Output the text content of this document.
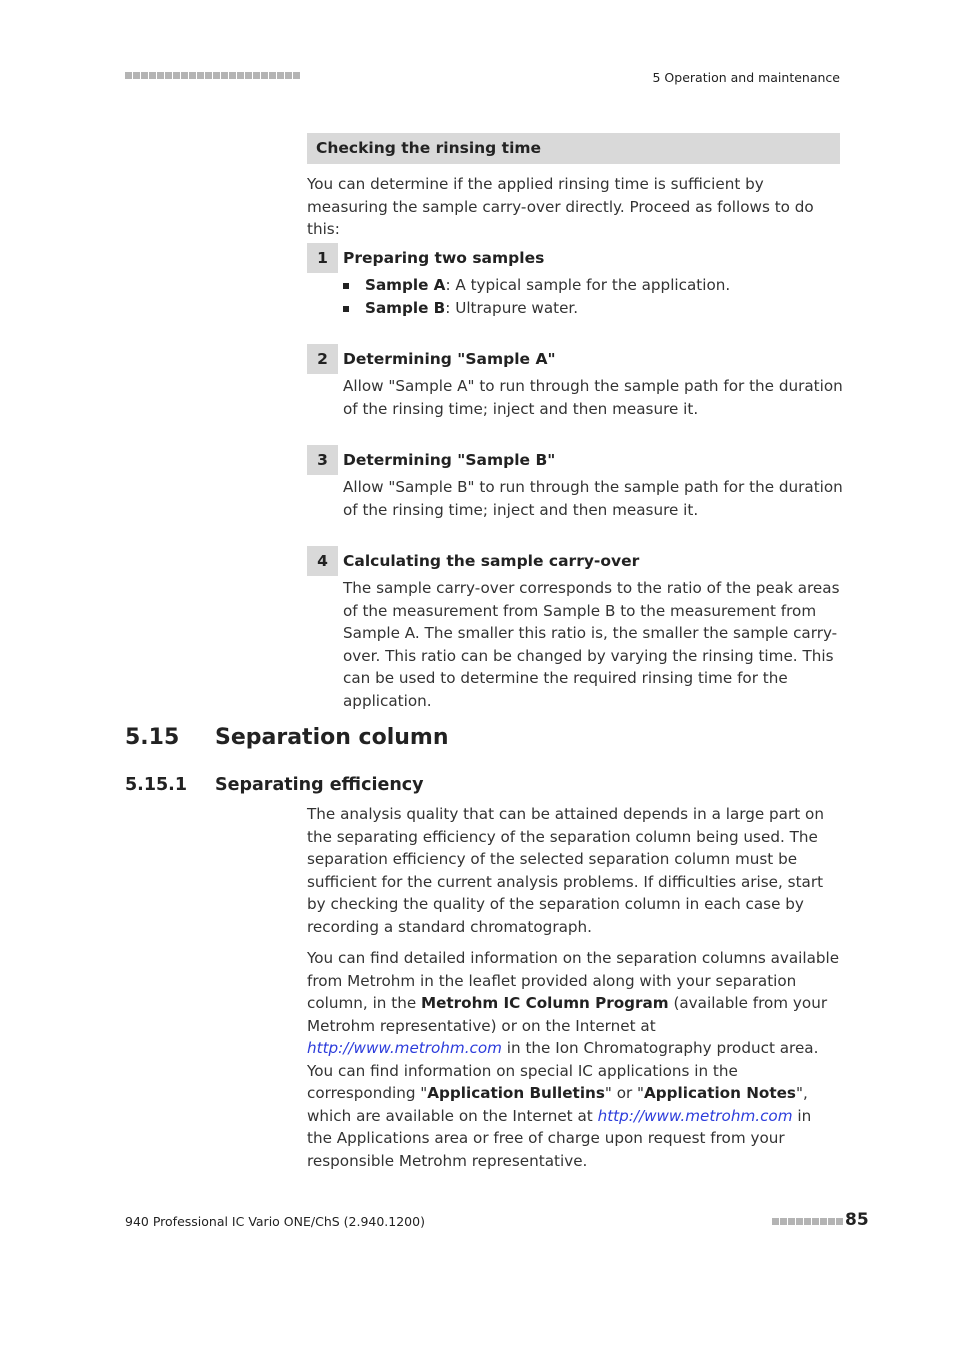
5 Operation and maintenance
Checking the rinsing time

You can determine if the applied rinsing time is sufficient by measuring the sample carry-over directly. Proceed as follows to do this:

1 Preparing two samples
Sample A: A typical sample for the application.
Sample B: Ultrapure water.
2 Determining "Sample A"

Allow "Sample A" to run through the sample path for the duration of the rinsing time; inject and then measure it.

3 Determining "Sample B"

Allow "Sample B" to run through the sample path for the duration of the rinsing time; inject and then measure it.

4 Calculating the sample carry-over

The sample carry-over corresponds to the ratio of the peak areas of the measurement from Sample B to the measurement from Sample A. The smaller this ratio is, the smaller the sample carry-over. This ratio can be changed by varying the rinsing time. This can be used to determine the required rinsing time for the application.

5.15 Separation column
5.15.1 Separating efficiency

The analysis quality that can be attained depends in a large part on the separating efficiency of the separation column being used. The separation efficiency of the selected separation column must be sufficient for the current analysis problems. If difficulties arise, start by checking the quality of the separation column in each case by recording a standard chromatograph.

You can find detailed information on the separation columns available from Metrohm in the leaflet provided along with your separation column, in the Metrohm IC Column Program (available from your Metrohm representative) or on the Internet at http://www.metrohm.com in the Ion Chromatography product area. You can find information on special IC applications in the corresponding "Application Bulletins" or "Application Notes", which are available on the Internet at http://www.metrohm.com in the Applications area or free of charge upon request from your responsible Metrohm representative.

940 Professional IC Vario ONE/ChS (2.940.1200)	85
